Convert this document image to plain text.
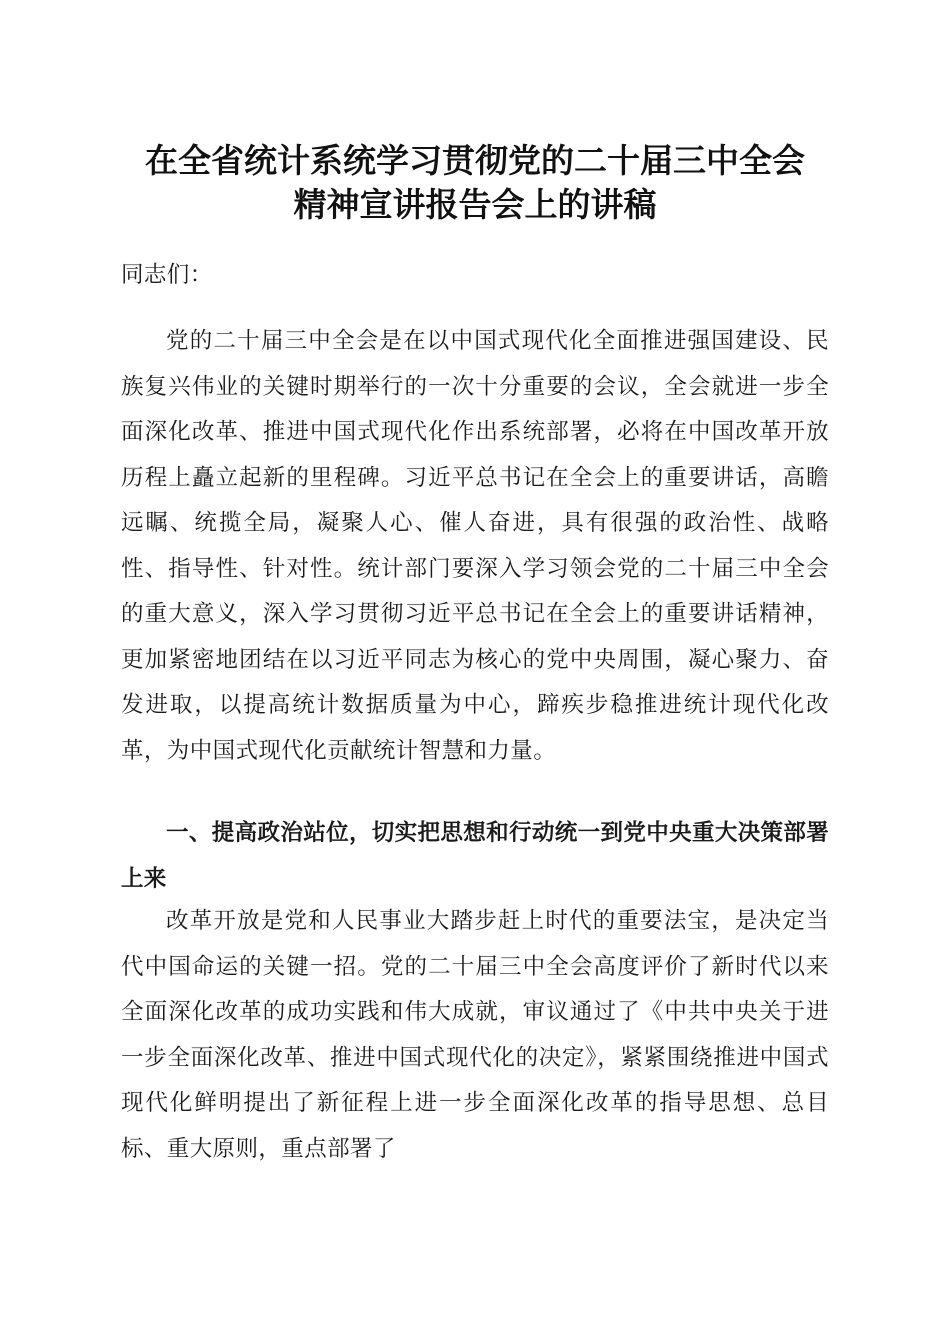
在全省统计系统学习贯彻党的二十届三中全会
精神宣讲报告会上的讲稿
同志们：

党的二十届三中全会是在以中国式现代化全面推进强国建设、民族复兴伟业的关键时期举行的一次十分重要的会议，全会就进一步全面深化改革、推进中国式现代化作出系统部署，必将在中国改革开放历程上矗立起新的里程碑。习近平总书记在全会上的重要讲话，高瞻远瞩、统揽全局，凝聚人心、催人奋进，具有很强的政治性、战略性、指导性、针对性。统计部门要深入学习领会党的二十届三中全会的重大意义，深入学习贯彻习近平总书记在全会上的重要讲话精神，更加紧密地团结在以习近平同志为核心的党中央周围，凝心聚力、奋发进取，以提高统计数据质量为中心，蹄疾步稳推进统计现代化改革，为中国式现代化贡献统计智慧和力量。

一、提高政治站位，切实把思想和行动统一到党中央重大决策部署上来

改革开放是党和人民事业大踏步赶上时代的重要法宝，是决定当代中国命运的关键一招。党的二十届三中全会高度评价了新时代以来全面深化改革的成功实践和伟大成就，审议通过了《中共中央关于进一步全面深化改革、推进中国式现代化的决定》，紧紧围绕推进中国式现代化鲜明提出了新征程上进一步全面深化改革的指导思想、总目标、重大原则，重点部署了
